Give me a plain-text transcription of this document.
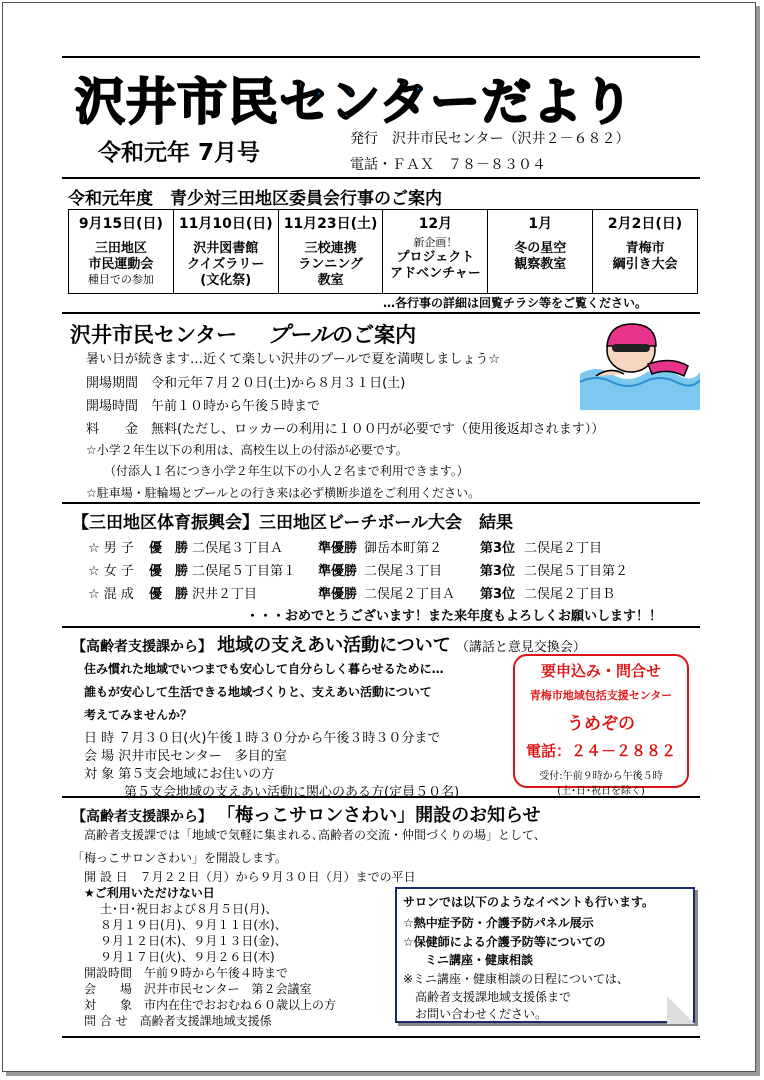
沢井市民センターだより
令和元年 7月号
発行　沢井市民センター（沢井２－６８２）
電話・ＦＡＸ　７８－８３０４
令和元年度　青少対三田地区委員会行事のご案内
9月15日(日)
三田地区
市民運動会
種目での参加

11月10日(日)
沢井図書館
クイズラリー
(文化祭)

11月23日(土)
三校連携
ランニング
教室

12月
新企画！
プロジェクト
アドベンチャー

1月
冬の星空
観察教室

2月2日(日)
青梅市
綱引き大会
…各行事の詳細は回覧チラシ等をご覧ください。
沢井市民センター プールのご案内
暑い日が続きます…近くて楽しい沢井のプールで夏を満喫しましょう☆
開場期間　令和元年７月２０日(土)から８月３１日(土)
開場時間　午前１０時から午後５時まで
料　　金　無料(ただし、ロッカーの利用に１００円が必要です（使用後返却されます））
☆小学２年生以下の利用は、高校生以上の付添が必要です。
（付添人１名につき小学２年生以下の小人２名まで利用できます。）
☆駐車場・駐輪場とプールとの行き来は必ず横断歩道をご利用ください。
【三田地区体育振興会】三田地区ビーチボール大会　結果
☆ 男 子 優　勝 二俣尾３丁目Ａ	準優勝 御岳本町第２	第3位 二俣尾２丁目
☆ 女 子 優　勝 二俣尾５丁目第１ 準優勝 二俣尾３丁目	第3位 二俣尾５丁目第２
☆ 混 成 優　勝 沢井２丁目	準優勝 二俣尾２丁目Ａ 第3位 二俣尾２丁目Ｂ
・・・おめでとうございます！また来年度もよろしくお願いします！！
【高齢者支援課から】 地域の支えあい活動について （講話と意見交換会）
住み慣れた地域でいつまでも安心して自分らしく暮らせるために…
誰もが安心して生活できる地域づくりと、支えあい活動について
考えてみませんか？
日 時 ７月３０日(火)午後１時３０分から午後３時３０分まで
会 場 沢井市民センター　多目的室
対 象 第５支会地域にお住いの方
第５支会地域の支えあい活動に関心のある方(定員５０名)
要申込み・問合せ
青梅市地域包括支援センター
うめぞの
電話：２４－２８８２
受付:午前９時から午後５時
(土･日･祝日を除く)
【高齢者支援課から】 「梅っこサロンさわい」開設のお知らせ
高齢者支援課では「地域で気軽に集まれる､高齢者の交流・仲間づくりの場」として、
「梅っこサロンさわい」を開設します。
開 設 日　７月２２日（月）から９月３０日（月）までの平日
★ご利用いただけない日
土･日･祝日および８月５日(月)、
８月１９日(月)、９月１１日(水)、
９月１２日(木)、９月１３日(金)、
９月１７日(火)、９月２６日(木)
開設時間　午前９時から午後４時まで
会　　場　沢井市民センター　第２会議室
対　　象　市内在住でおおむね６０歳以上の方
問 合 せ　高齢者支援課地域支援係
サロンでは以下のようなイベントも行います。
☆熱中症予防・介護予防パネル展示
☆保健師による介護予防等についての
ミニ講座・健康相談
※ミニ講座・健康相談の日程については、
高齢者支援課地域支援係まで
お問い合わせください。
